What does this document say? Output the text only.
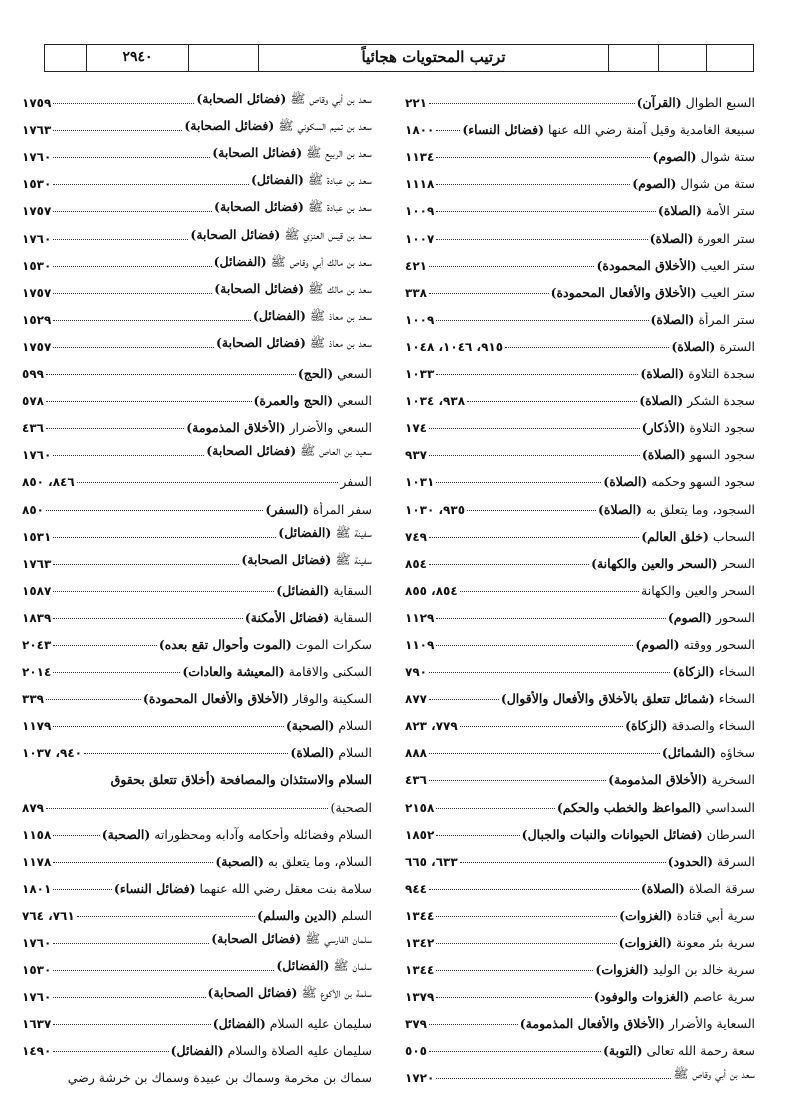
٢٩٤٠	ترتيب المحتويات هجائياً
السبع الطوال (القرآن)
٢٢١
سبيعة الغامدية وقيل آمنة رضي الله عنها (فضائل النساء)
١٨٠٠
ستة شوال (الصوم)
١١٣٤
ستة من شوال (الصوم)
١١١٨
ستر الأمة (الصلاة)
١٠٠٩
ستر العورة (الصلاة)
١٠٠٧
ستر العيب (الأخلاق المحمودة)
٤٢١
ستر العيب (الأخلاق والأفعال المحمودة)
٣٣٨
ستر المرأة (الصلاة)
١٠٠٩
السترة (الصلاة)
٩١٥، ١٠٤٦، ١٠٤٨
سجدة التلاوة (الصلاة)
١٠٣٣
سجدة الشكر (الصلاة)
٩٣٨، ١٠٣٤
سجود التلاوة (الأذكار)
١٧٤
سجود السهو (الصلاة)
٩٣٧
سجود السهو وحكمه (الصلاة)
١٠٣١
السجود، وما يتعلق به (الصلاة)
٩٣٥، ١٠٣٠
السحاب (خلق العالم)
٧٤٩
السحر (السحر والعين والكهانة)
٨٥٤
السحر والعين والكهانة
٨٥٤، ٨٥٥
السحور (الصوم)
١١٢٩
السحور ووقته (الصوم)
١١٠٩
السخاء (الزكاة)
٧٩٠
السخاء (شمائل تتعلق بالأخلاق والأفعال والأقوال)
٨٧٧
السخاء والصدقة (الزكاة)
٧٧٩، ٨٢٣
سخاؤه (الشمائل)
٨٨٨
السخرية (الأخلاق المذمومة)
٤٣٦
السداسي (المواعظ والخطب والحكم)
٢١٥٨
السرطان (فضائل الحيوانات والنبات والجبال)
١٨٥٢
السرقة (الحدود)
٦٣٣، ٦٦٥
سرقة الصلاة (الصلاة)
٩٤٤
سرية أبي قتادة (الغزوات)
١٣٤٤
سرية بئر معونة (الغزوات)
١٣٤٢
سرية خالد بن الوليد (الغزوات)
١٣٤٤
سرية عاصم (الغزوات والوفود)
١٣٧٩
السعاية والأضرار (الأخلاق والأفعال المذمومة)
٣٧٩
سعة رحمة الله تعالى (التوبة)
٥٠٥
سعد بن أبي وقاص ﷺ
١٧٢٠
سعد بن أبي وقاص ﷺ (فضائل الصحابة)
١٧٥٩
سعد بن تميم السكوني ﷺ (فضائل الصحابة)
١٧٦٣
سعد بن الربيع ﷺ (فضائل الصحابة)
١٧٦٠
سعد بن عبادة ﷺ (الفضائل)
١٥٣٠
سعد بن عبادة ﷺ (فضائل الصحابة)
١٧٥٧
سعد بن قيس العنزي ﷺ (فضائل الصحابة)
١٧٦٠
سعد بن مالك أبي وقاص ﷺ (الفضائل)
١٥٣٠
سعد بن مالك ﷺ (فضائل الصحابة)
١٧٥٧
سعد بن معاذ ﷺ (الفضائل)
١٥٢٩
سعد بن معاذ ﷺ (فضائل الصحابة)
١٧٥٧
السعي (الحج)
٥٩٩
السعي (الحج والعمرة)
٥٧٨
السعي والأضرار (الأخلاق المذمومة)
٤٣٦
سعيد بن العاص ﷺ (فضائل الصحابة)
١٧٦٠
السفر
٨٤٦، ٨٥٠
سفر المرأة (السفر)
٨٥٠
سفينة ﷺ (الفضائل)
١٥٣١
سفينة ﷺ (فضائل الصحابة)
١٧٦٣
السقاية (الفضائل)
١٥٨٧
السقاية (فضائل الأمكنة)
١٨٣٩
سكرات الموت (الموت وأحوال تقع بعده)
٢٠٤٣
السكنى والاقامة (المعيشة والعادات)
٢٠١٤
السكينة والوقار (الأخلاق والأفعال المحمودة)
٣٣٩
السلام (الصحبة)
١١٧٩
السلام (الصلاة)
٩٤٠، ١٠٣٧
السلام والاستئذان والمصافحة (أخلاق تتعلق بحقوق
الصحبة)
٨٧٩
السلام وفضائله وأحكامه وآدابه ومحظوراته (الصحبة)
١١٥٨
السلام، وما يتعلق به (الصحبة)
١١٧٨
سلامة بنت معقل رضي الله عنهما (فضائل النساء)
١٨٠١
السلم (الدين والسلم)
٧٦١، ٧٦٤
سلمان الفارسي ﷺ (فضائل الصحابة)
١٧٦٠
سلمان ﷺ (الفضائل)
١٥٣٠
سلمة بن الأكوع ﷺ (فضائل الصحابة)
١٧٦٠
سليمان عليه السلام (الفضائل)
١٦٣٧
سليمان عليه الصلاة والسلام (الفضائل)
١٤٩٠
سماك بن مخرمة وسماك بن عبيدة وسماك بن خرشة رضي
